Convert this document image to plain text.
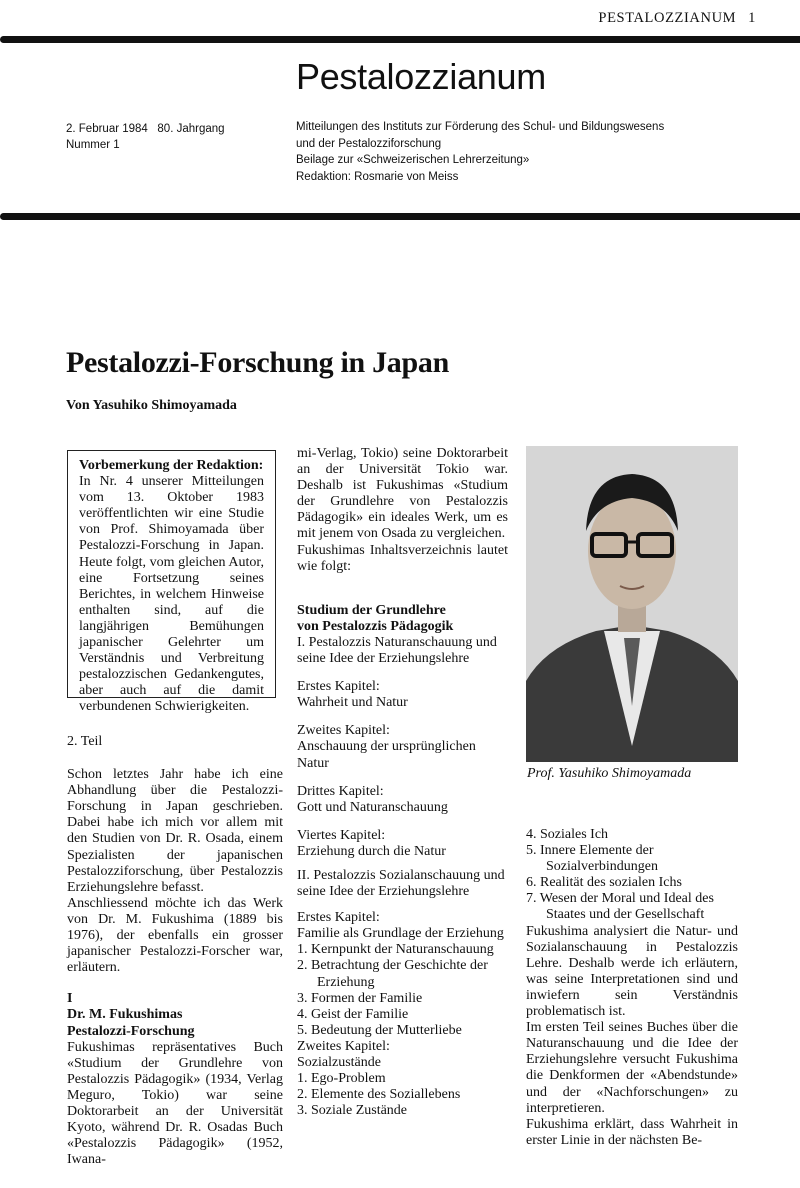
PESTALOZZIANUM 1
Pestalozzianum
2. Februar 1984   80. Jahrgang
Nummer 1
Mitteilungen des Instituts zur Förderung des Schul- und Bildungswesens
und der Pestalozziforschung
Beilage zur «Schweizerischen Lehrerzeitung»
Redaktion: Rosmarie von Meiss
Pestalozzi-Forschung in Japan
Von Yasuhiko Shimoyamada
Vorbemerkung der Redaktion:
In Nr. 4 unserer Mitteilungen vom 13. Oktober 1983 veröffentlichten wir eine Studie von Prof. Shimoyamada über Pestalozzi-Forschung in Japan. Heute folgt, vom gleichen Autor, eine Fortsetzung seines Berichtes, in welchem Hinweise enthalten sind, auf die langjährigen Bemühungen japanischer Gelehrter um Verständnis und Verbreitung pestalozzischen Gedankengutes, aber auch auf die damit verbundenen Schwierigkeiten.

2. Teil

Schon letztes Jahr habe ich eine Abhandlung über die Pestalozzi-Forschung in Japan geschrieben. Dabei habe ich mich vor allem mit den Studien von Dr. R. Osada, einem Spezialisten der japanischen Pestalozziforschung, über Pestalozzis Erziehungslehre befasst.

Anschliessend möchte ich das Werk von Dr. M. Fukushima (1889 bis 1976), der ebenfalls ein grosser japanischer Pestalozzi-Forscher war, erläutern.

I

Dr. M. Fukushimas

Pestalozzi-Forschung

Fukushimas repräsentatives Buch «Studium der Grundlehre von Pestalozzis Pädagogik» (1934, Verlag Meguro, Tokio) war seine Doktorarbeit an der Universität Kyoto, während Dr. R. Osadas Buch «Pestalozzis Pädagogik» (1952, Iwana-

mi-Verlag, Tokio) seine Doktorarbeit an der Universität Tokio war. Deshalb ist Fukushimas «Studium der Grundlehre von Pestalozzis Pädagogik» ein ideales Werk, um es mit jenem von Osada zu vergleichen.

Fukushimas Inhaltsverzeichnis lautet wie folgt:

Studium der Grundlehre

von Pestalozzis Pädagogik

I. Pestalozzis Naturanschauung und seine Idee der Erziehungslehre

Erstes Kapitel:

Wahrheit und Natur

Zweites Kapitel:

Anschauung der ursprünglichen Natur

Drittes Kapitel:

Gott und Naturanschauung

Viertes Kapitel:

Erziehung durch die Natur

II. Pestalozzis Sozialanschauung und seine Idee der Erziehungslehre

Erstes Kapitel:

Familie als Grundlage der Erziehung

1. Kernpunkt der Naturanschauung
2. Betrachtung der Geschichte der Erziehung
3. Formen der Familie
4. Geist der Familie
5. Bedeutung der Mutterliebe

Zweites Kapitel:

Sozialzustände

1. Ego-Problem
2. Elemente des Soziallebens
3. Soziale Zustände
Prof. Yasuhiko Shimoyamada
4. Soziales Ich
5. Innere Elemente der Sozialverbindungen
6. Realität des sozialen Ichs
7. Wesen der Moral und Ideal des Staates und der Gesellschaft

Fukushima analysiert die Natur- und Sozialanschauung in Pestalozzis Lehre. Deshalb werde ich erläutern, was seine Interpretationen sind und inwiefern sein Verständnis problematisch ist.

Im ersten Teil seines Buches über die Naturanschauung und die Idee der Erziehungslehre versucht Fukushima die Denkformen der «Abendstunde» und der «Nachforschungen» zu interpretieren.

Fukushima erklärt, dass Wahrheit in erster Linie in der nächsten Be-
